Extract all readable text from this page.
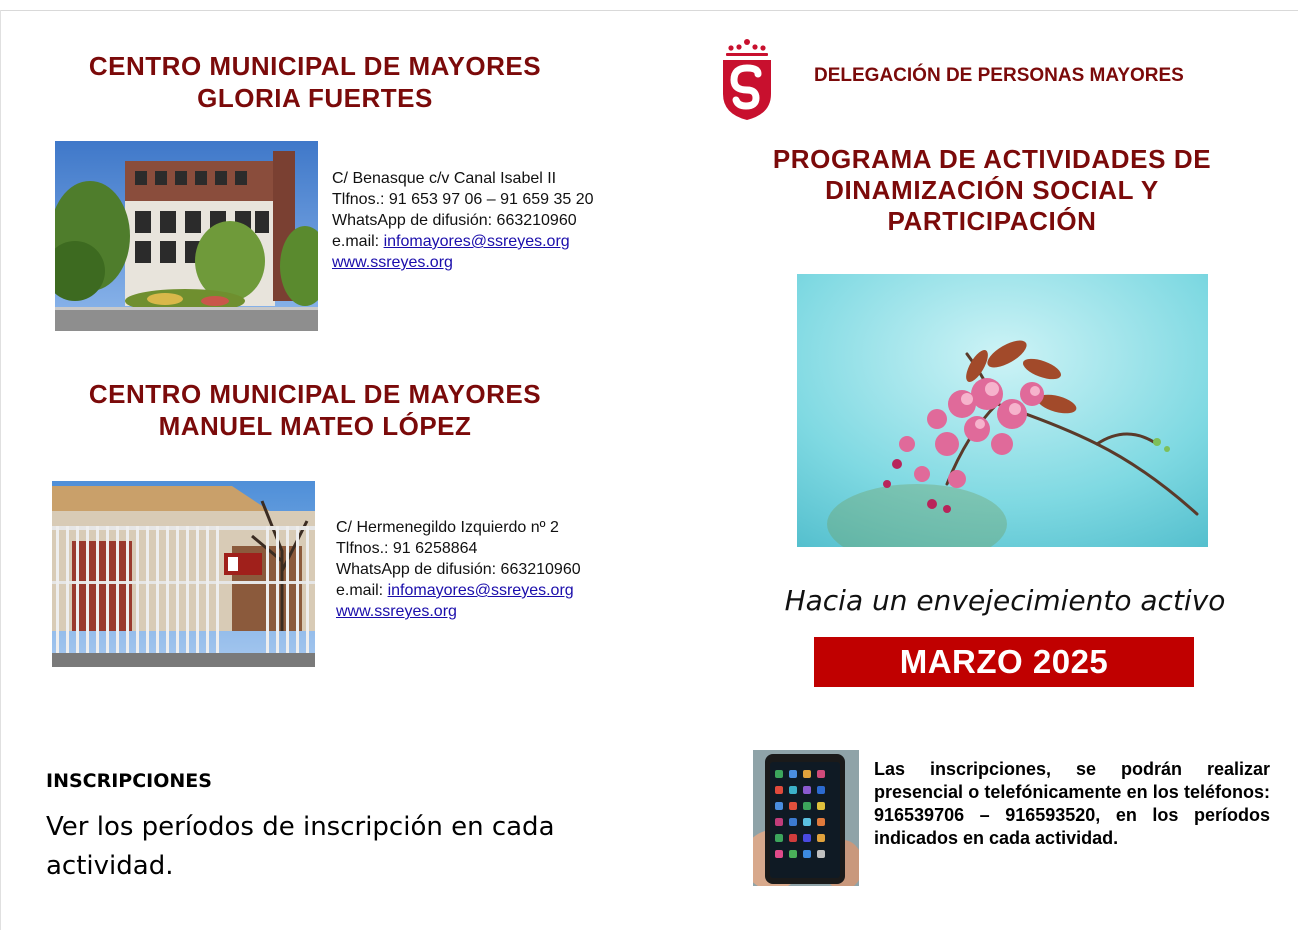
CENTRO MUNICIPAL DE MAYORES
GLORIA FUERTES
C/ Benasque c/v Canal Isabel II
Tlfnos.: 91 653 97 06 – 91 659 35 20
WhatsApp de difusión: 663210960
e.mail: infomayores@ssreyes.org
www.ssreyes.org
CENTRO MUNICIPAL DE MAYORES
MANUEL MATEO LÓPEZ
C/ Hermenegildo Izquierdo nº 2
Tlfnos.: 91 6258864
WhatsApp de difusión: 663210960
e.mail: infomayores@ssreyes.org
www.ssreyes.org
INSCRIPCIONES
Ver los períodos de inscripción en cada actividad.
DELEGACIÓN DE PERSONAS MAYORES
PROGRAMA DE ACTIVIDADES DE
DINAMIZACIÓN SOCIAL Y
PARTICIPACIÓN
Hacia un envejecimiento activo
MARZO 2025
Las inscripciones, se podrán realizar presencial o telefónicamente en los teléfonos: 916539706 – 916593520, en los períodos indicados en cada actividad.
